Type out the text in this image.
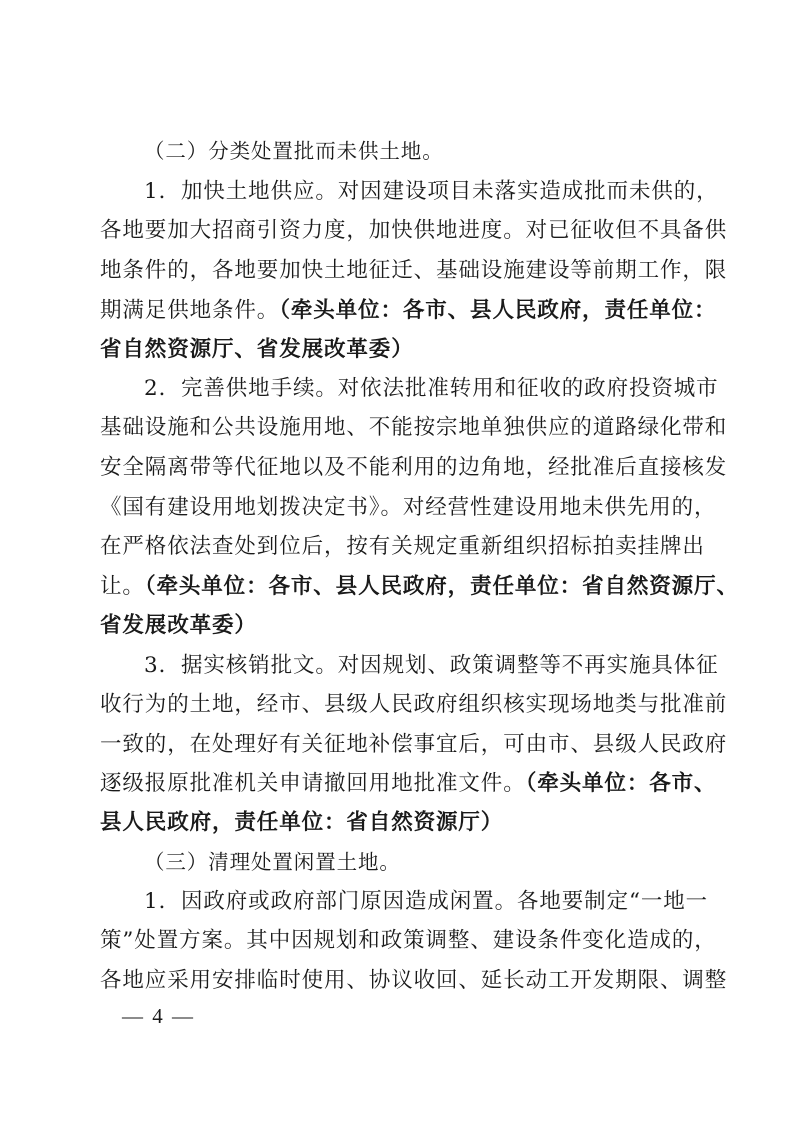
（二）分类处置批而未供土地。
1．加快土地供应。对因建设项目未落实造成批而未供的，
各地要加大招商引资力度，加快供地进度。对已征收但不具备供
地条件的，各地要加快土地征迁、基础设施建设等前期工作，限
期满足供地条件。（牵头单位：各市、县人民政府，责任单位：
省自然资源厅、省发展改革委）
2．完善供地手续。对依法批准转用和征收的政府投资城市
基础设施和公共设施用地、不能按宗地单独供应的道路绿化带和
安全隔离带等代征地以及不能利用的边角地，经批准后直接核发
《国有建设用地划拨决定书》。对经营性建设用地未供先用的，
在严格依法查处到位后，按有关规定重新组织招标拍卖挂牌出
让。（牵头单位：各市、县人民政府，责任单位：省自然资源厅、
省发展改革委）
3．据实核销批文。对因规划、政策调整等不再实施具体征
收行为的土地，经市、县级人民政府组织核实现场地类与批准前
一致的，在处理好有关征地补偿事宜后，可由市、县级人民政府
逐级报原批准机关申请撤回用地批准文件。（牵头单位：各市、
县人民政府，责任单位：省自然资源厅）
（三）清理处置闲置土地。
1．因政府或政府部门原因造成闲置。各地要制定“一地一
策”处置方案。其中因规划和政策调整、建设条件变化造成的，
各地应采用安排临时使用、协议收回、延长动工开发期限、调整
— 4 —
